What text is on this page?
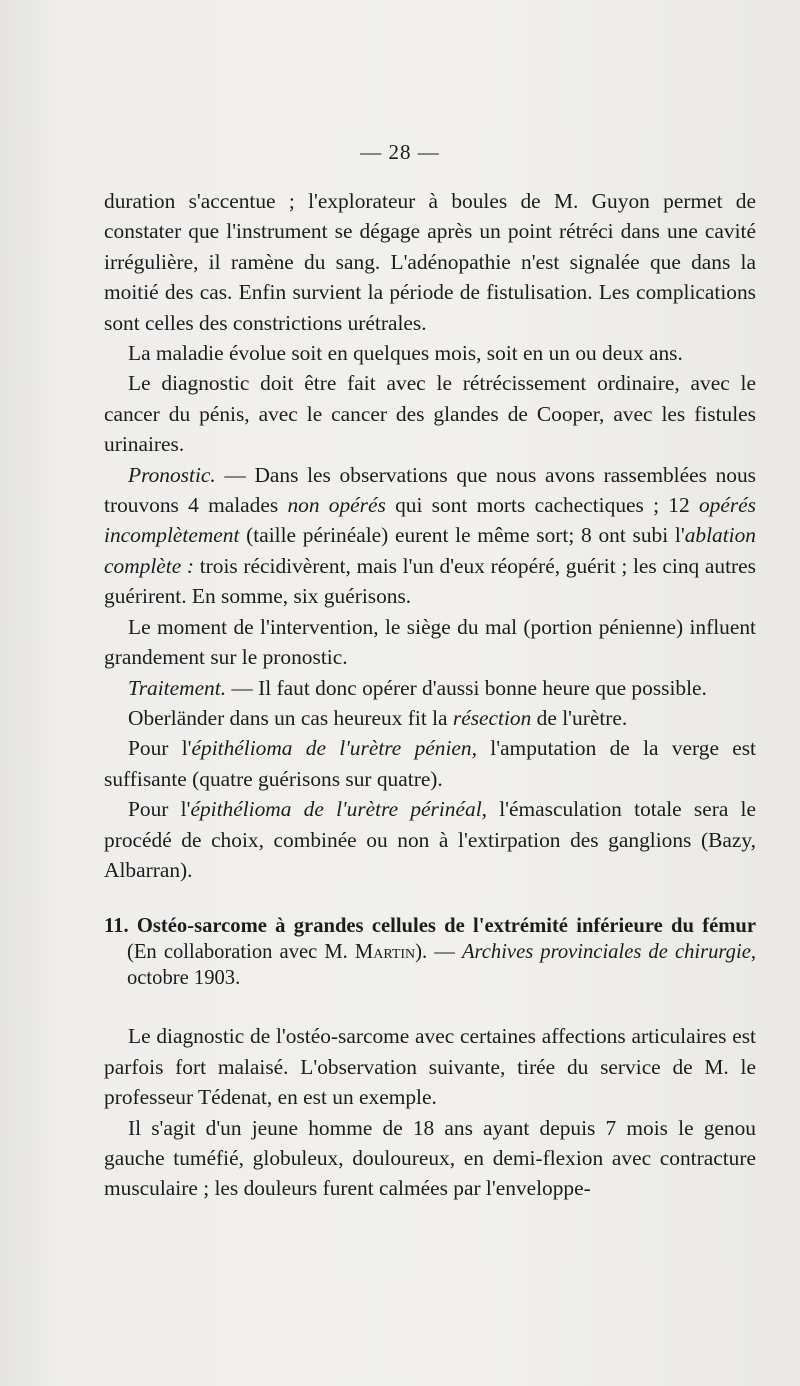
— 28 —

duration s'accentue ; l'explorateur à boules de M. Guyon permet de constater que l'instrument se dégage après un point rétréci dans une cavité irrégulière, il ramène du sang. L'adénopathie n'est signalée que dans la moitié des cas. Enfin survient la période de fistulisation. Les complications sont celles des constrictions urétrales.

La maladie évolue soit en quelques mois, soit en un ou deux ans.

Le diagnostic doit être fait avec le rétrécissement ordinaire, avec le cancer du pénis, avec le cancer des glandes de Cooper, avec les fistules urinaires.

Pronostic. — Dans les observations que nous avons rassemblées nous trouvons 4 malades non opérés qui sont morts cachectiques ; 12 opérés incomplètement (taille périnéale) eurent le même sort; 8 ont subi l'ablation complète : trois récidivèrent, mais l'un d'eux réopéré, guérit ; les cinq autres guérirent. En somme, six guérisons.

Le moment de l'intervention, le siège du mal (portion pénienne) influent grandement sur le pronostic.

Traitement. — Il faut donc opérer d'aussi bonne heure que possible.

Oberländer dans un cas heureux fit la résection de l'urètre.

Pour l'épithélioma de l'urètre pénien, l'amputation de la verge est suffisante (quatre guérisons sur quatre).

Pour l'épithélioma de l'urètre périnéal, l'émasculation totale sera le procédé de choix, combinée ou non à l'extirpation des ganglions (Bazy, Albarran).

11. Ostéo-sarcome à grandes cellules de l'extrémité inférieure du fémur (En collaboration avec M. Martin). — Archives provinciales de chirurgie, octobre 1903.

Le diagnostic de l'ostéo-sarcome avec certaines affections articulaires est parfois fort malaisé. L'observation suivante, tirée du service de M. le professeur Tédenat, en est un exemple.

Il s'agit d'un jeune homme de 18 ans ayant depuis 7 mois le genou gauche tuméfié, globuleux, douloureux, en demi-flexion avec contracture musculaire ; les douleurs furent calmées par l'enveloppe-
